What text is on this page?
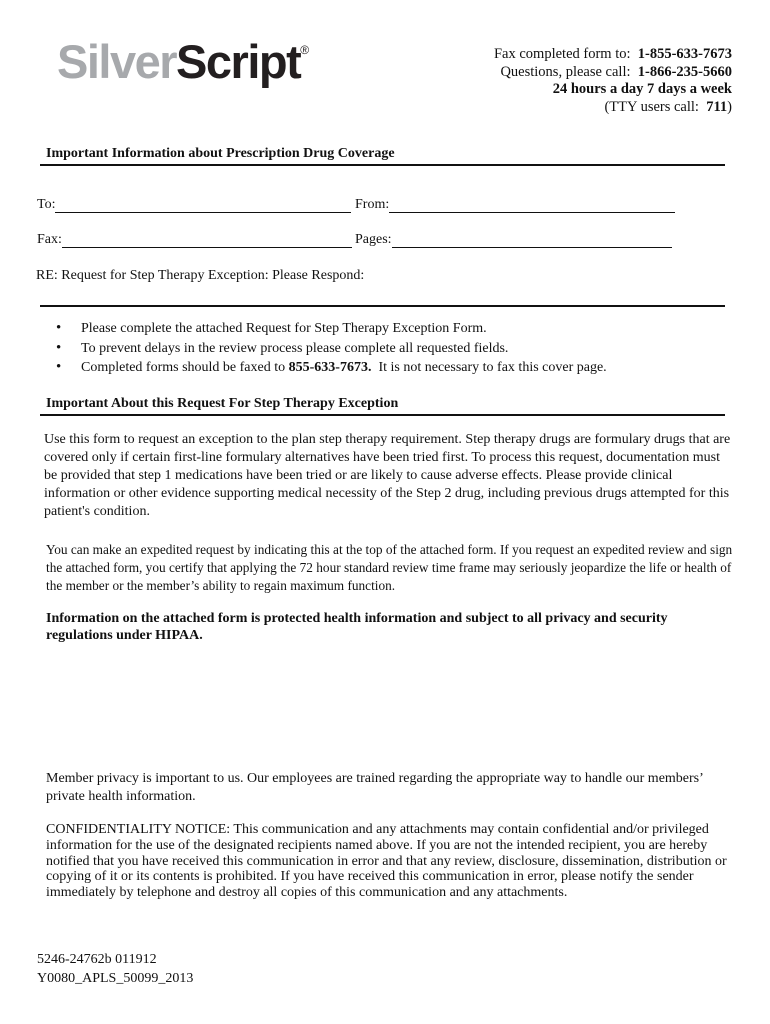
SilverScript®	Fax completed form to: 1-855-633-7673
Questions, please call: 1-866-235-5660
24 hours a day 7 days a week
(TTY users call: 711)
Important Information about Prescription Drug Coverage
To:	From:
Fax:	Pages:
RE: Request for Step Therapy Exception: Please Respond:
• Please complete the attached Request for Step Therapy Exception Form.
• To prevent delays in the review process please complete all requested fields.
• Completed forms should be faxed to 855-633-7673. It is not necessary to fax this cover page.
Important About this Request For Step Therapy Exception
Use this form to request an exception to the plan step therapy requirement. Step therapy drugs are formulary drugs that are covered only if certain first-line formulary alternatives have been tried first. To process this request, documentation must be provided that step 1 medications have been tried or are likely to cause adverse effects. Please provide clinical information or other evidence supporting medical necessity of the Step 2 drug, including previous drugs attempted for this patient's condition.
You can make an expedited request by indicating this at the top of the attached form. If you request an expedited review and sign the attached form, you certify that applying the 72 hour standard review time frame may seriously jeopardize the life or health of the member or the member’s ability to regain maximum function.
Information on the attached form is protected health information and subject to all privacy and security regulations under HIPAA.
Member privacy is important to us. Our employees are trained regarding the appropriate way to handle our members’ private health information.
CONFIDENTIALITY NOTICE: This communication and any attachments may contain confidential and/or privileged information for the use of the designated recipients named above. If you are not the intended recipient, you are hereby notified that you have received this communication in error and that any review, disclosure, dissemination, distribution or copying of it or its contents is prohibited. If you have received this communication in error, please notify the sender immediately by telephone and destroy all copies of this communication and any attachments.
5246-24762b 011912
Y0080_APLS_50099_2013
